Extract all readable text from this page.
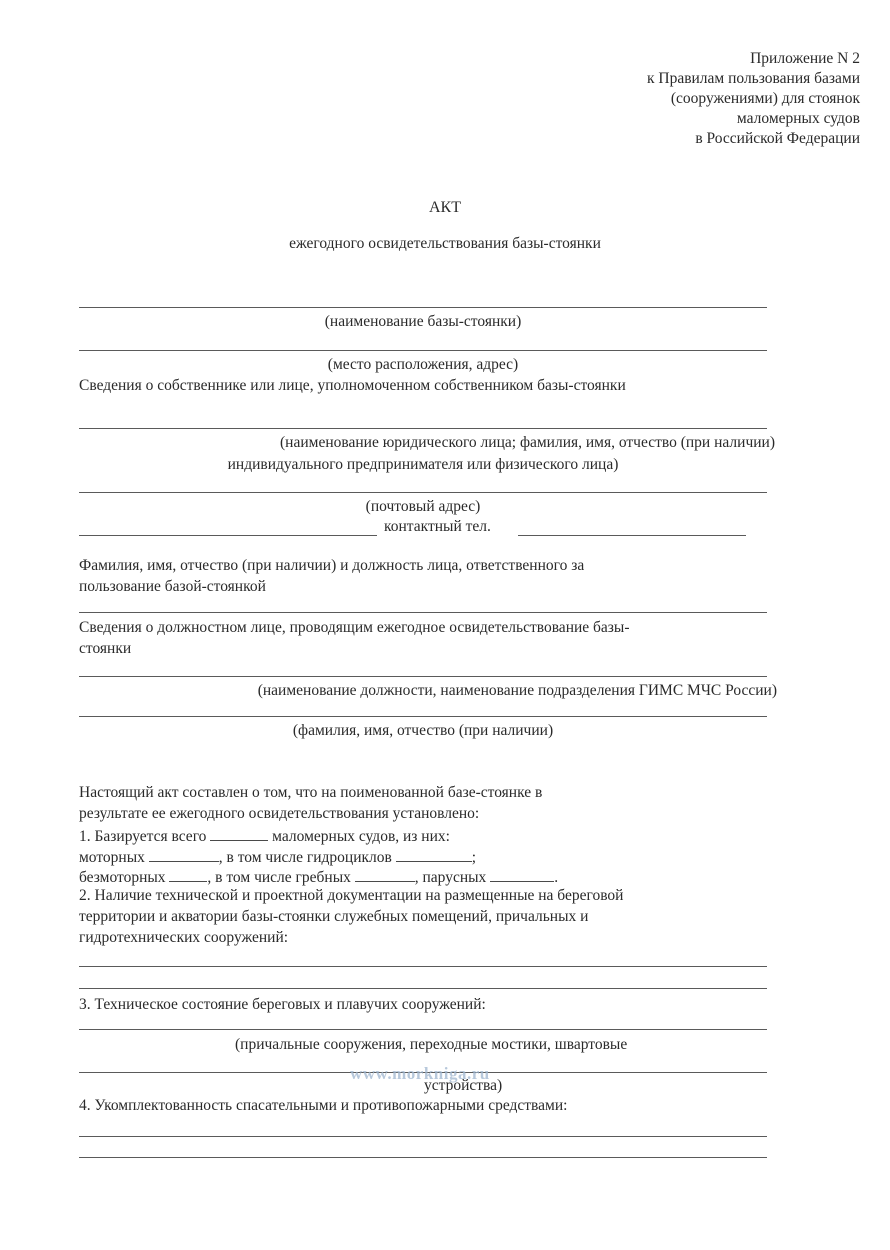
Приложение N 2
к Правилам пользования базами
(сооружениями) для стоянок
маломерных судов
в Российской Федерации
АКТ
ежегодного освидетельствования базы-стоянки
(наименование базы-стоянки)
(место расположения, адрес)
Сведения о собственнике или лице, уполномоченном собственником базы-стоянки
(наименование юридического лица; фамилия, имя, отчество (при наличии)
индивидуального предпринимателя или физического лица)
(почтовый адрес)
контактный тел.
Фамилия, имя, отчество (при наличии) и должность лица, ответственного за
пользование базой-стоянкой
Сведения о должностном лице, проводящим ежегодное освидетельствование базы-
стоянки
(наименование должности, наименование подразделения ГИМС МЧС России)
(фамилия, имя, отчество (при наличии)
Настоящий акт составлен о том, что на поименованной базе-стоянке в
результате ее ежегодного освидетельствования установлено:
1. Базируется всего	маломерных судов, из них:
моторных	, в том числе гидроциклов	;
безмоторных	, в том числе гребных	, парусных	.
2. Наличие технической и проектной документации на размещенные на береговой
территории и акватории базы-стоянки служебных помещений, причальных и
гидротехнических сооружений:
3. Техническое состояние береговых и плавучих сооружений:
(причальные сооружения, переходные мостики, швартовые
www.morkniga.ru
устройства)
4. Укомплектованность спасательными и противопожарными средствами:
